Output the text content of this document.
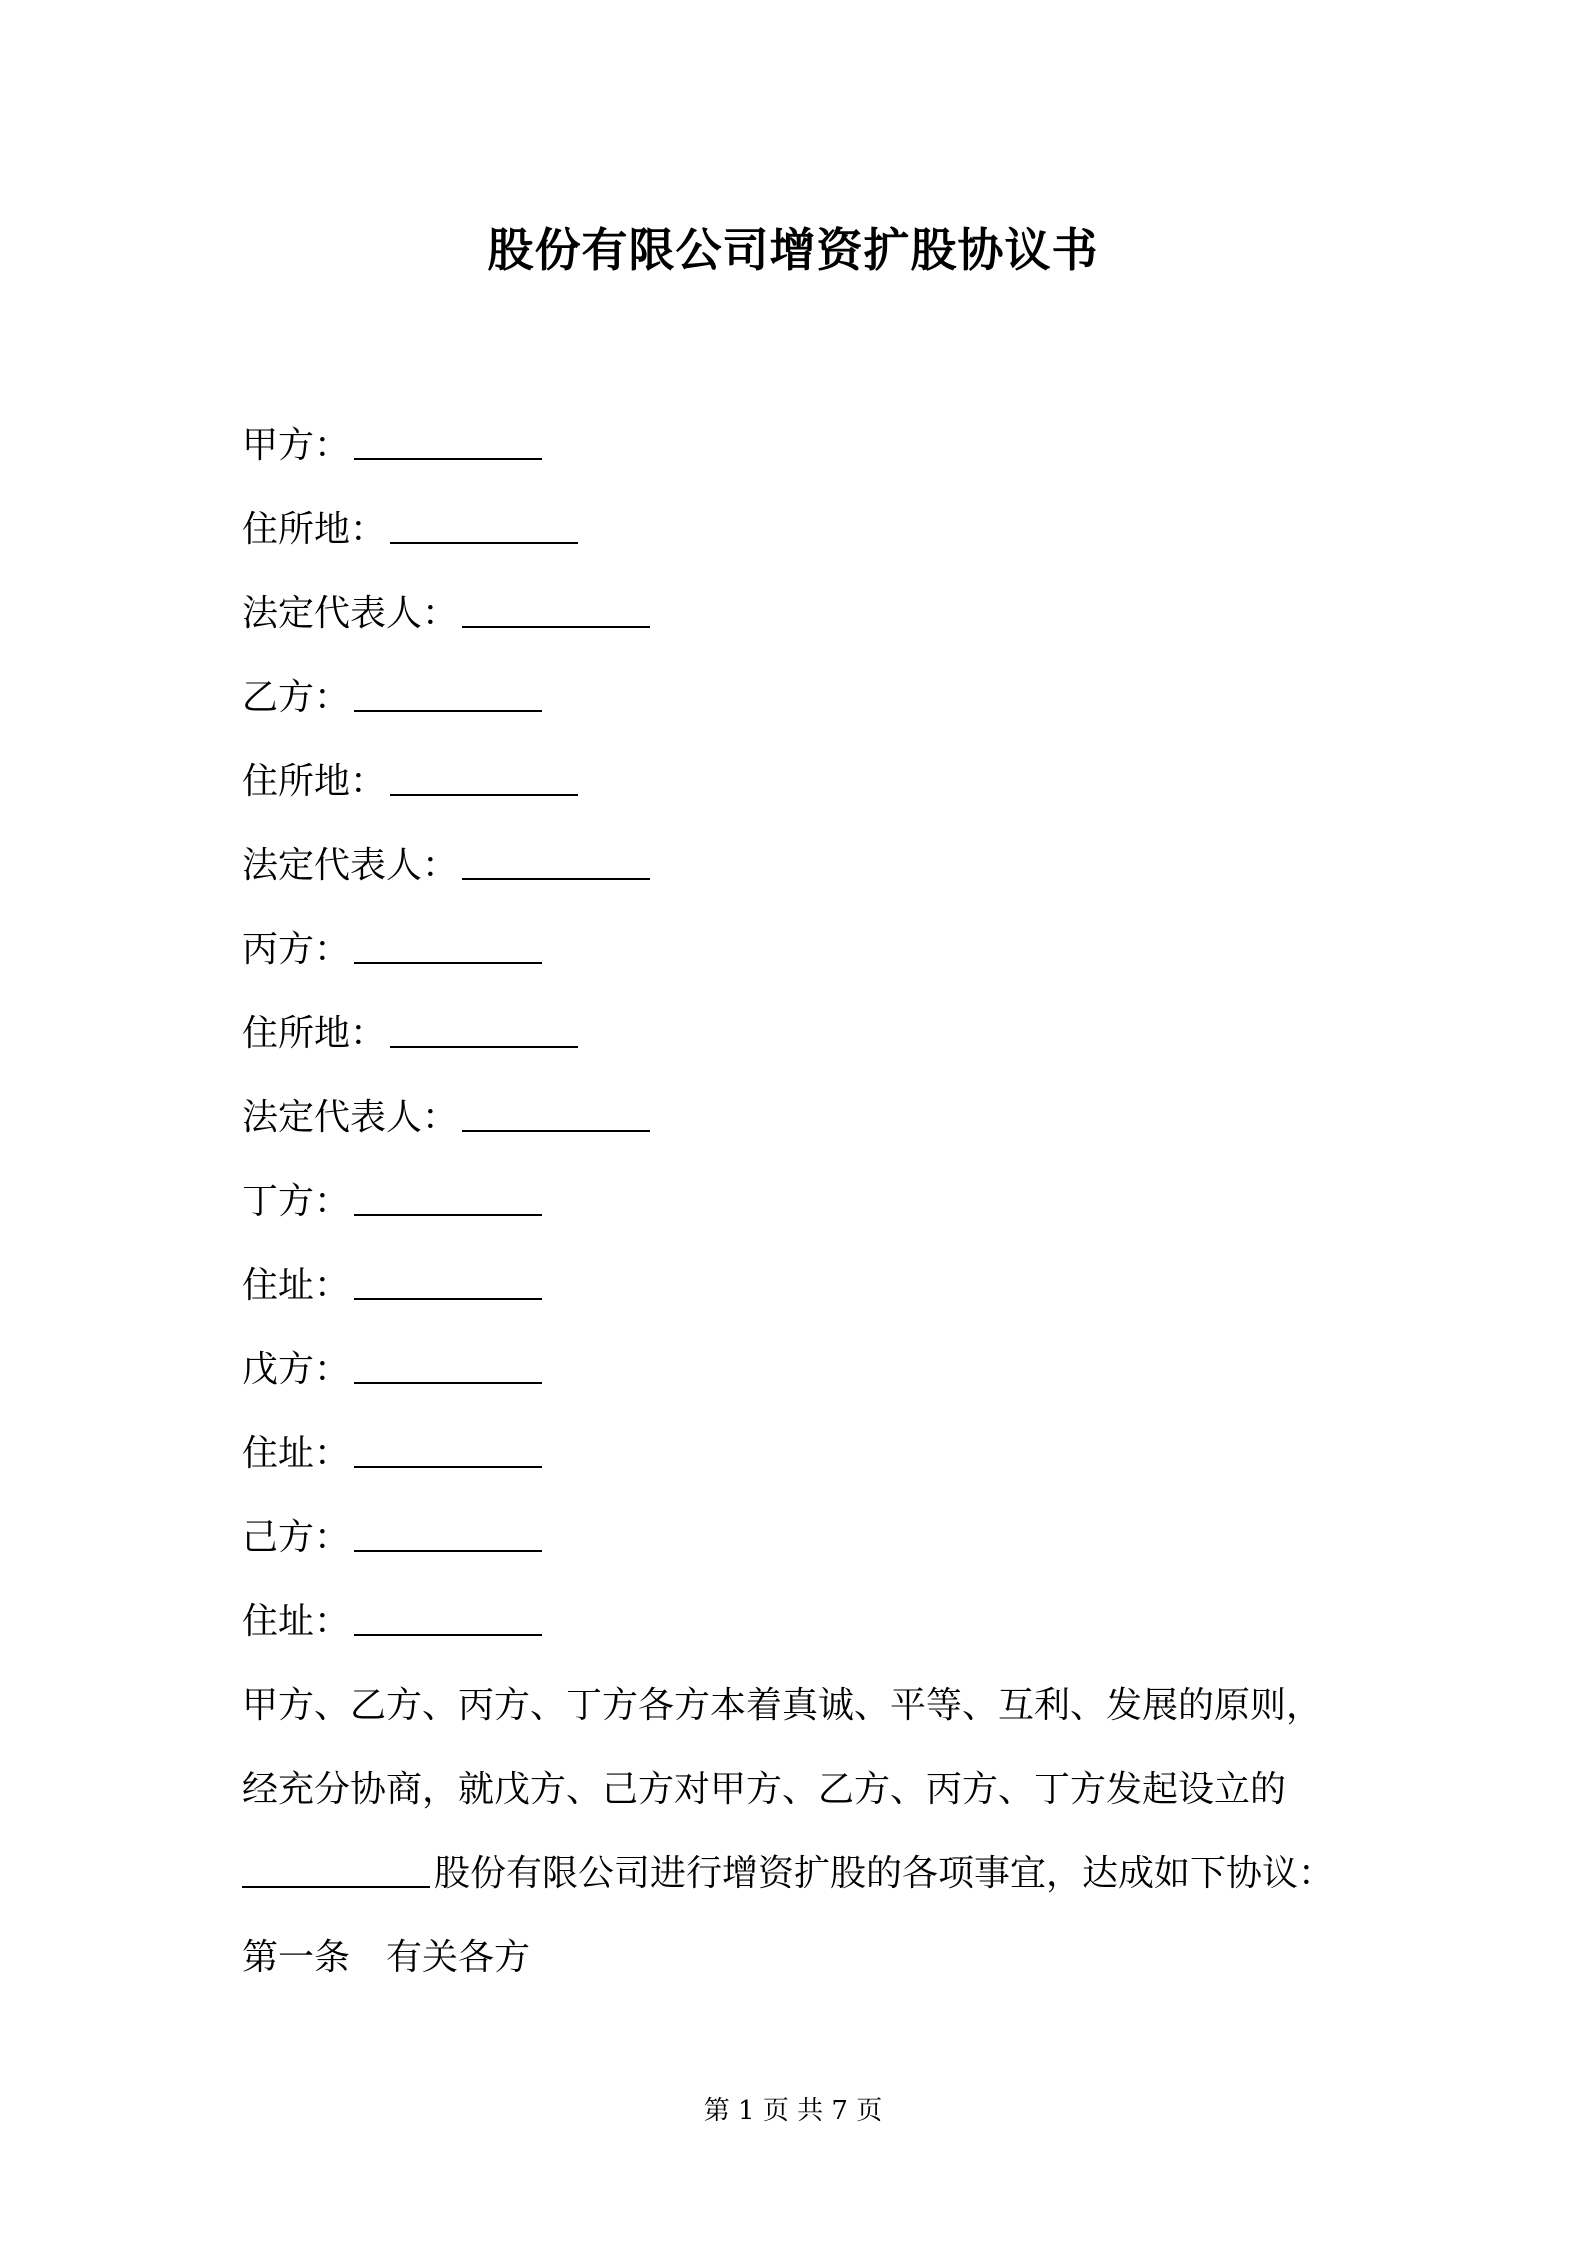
股份有限公司增资扩股协议书
甲方：
住所地：
法定代表人：
乙方：
住所地：
法定代表人：
丙方：
住所地：
法定代表人：
丁方：
住址：
戊方：
住址：
己方：
住址：
甲方、乙方、丙方、丁方各方本着真诚、平等、互利、发展的原则，
经充分协商，就戊方、己方对甲方、乙方、丙方、丁方发起设立的
股份有限公司进行增资扩股的各项事宜，达成如下协议：
第一条　有关各方
第 1 页 共 7 页
